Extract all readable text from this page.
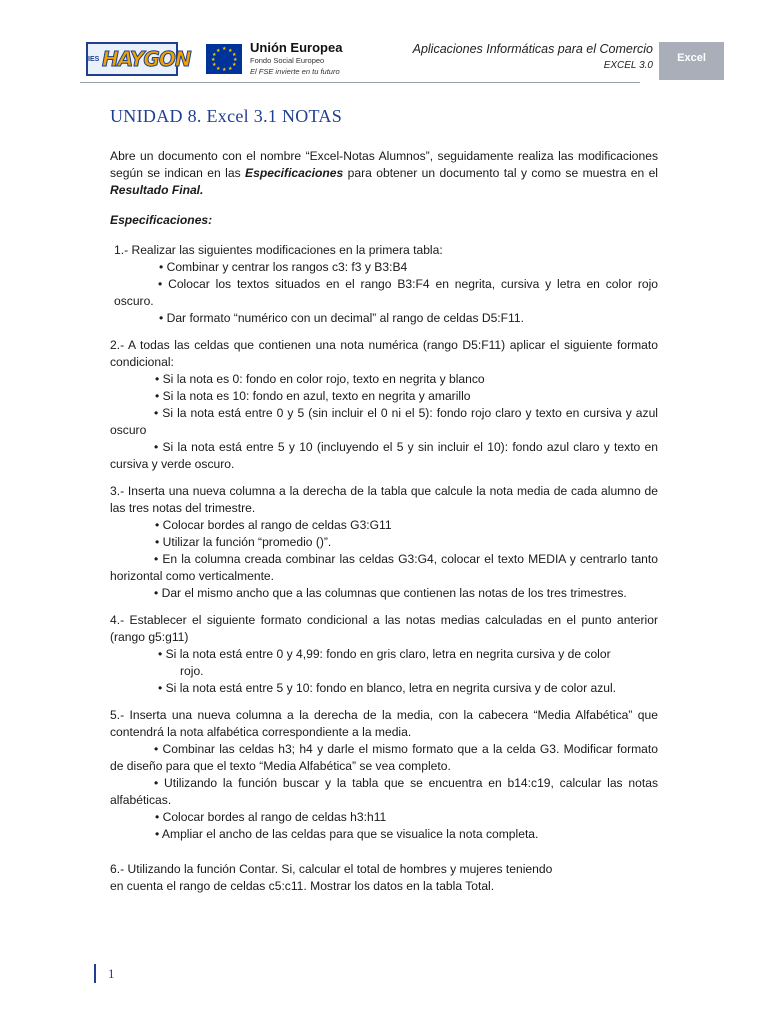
IES HAYGON	★ ★
★
★
★
★
★
★
★
★
★
★ Unión Europea
Fondo Social Europeo
El FSE invierte en tu futuro
Aplicaciones Informáticas para el Comercio
EXCEL 3.0
Excel
UNIDAD 8. Excel 3.1 NOTAS

Abre un documento con el nombre “Excel-Notas Alumnos”, seguidamente realiza las modificaciones según se indican en las Especificaciones para obtener un documento tal y como se muestra en el Resultado Final.

Especificaciones:

1.- Realizar las siguientes modificaciones en la primera tabla:

• Combinar y centrar los rangos c3: f3 y B3:B4

• Colocar los textos situados en el rango B3:F4 en negrita, cursiva y letra en color rojo oscuro.

• Dar formato “numérico con un decimal” al rango de celdas D5:F11.

2.- A todas las celdas que contienen una nota numérica (rango D5:F11) aplicar el siguiente formato condicional:

• Si la nota es 0: fondo en color rojo, texto en negrita y blanco

• Si la nota es 10: fondo en azul, texto en negrita y amarillo

• Si la nota está entre 0 y 5 (sin incluir el 0 ni el 5): fondo rojo claro y texto en cursiva y azul oscuro

• Si la nota está entre 5 y 10 (incluyendo el 5 y sin incluir el 10): fondo azul claro y texto en cursiva y verde oscuro.

3.- Inserta una nueva columna a la derecha de la tabla que calcule la nota media de cada alumno de las tres notas del trimestre.

• Colocar bordes al rango de celdas G3:G11

• Utilizar la función “promedio ()”.

• En la columna creada combinar las celdas G3:G4, colocar el texto MEDIA y centrarlo tanto horizontal como verticalmente.

• Dar el mismo ancho que a las columnas que contienen las notas de los tres trimestres.

4.- Establecer el siguiente formato condicional a las notas medias calculadas en el punto anterior (rango g5:g11)

• Si la nota está entre 0 y 4,99: fondo en gris claro, letra en negrita cursiva y de color

rojo.

• Si la nota está entre 5 y 10: fondo en blanco, letra en negrita cursiva y de color azul.

5.- Inserta una nueva columna a la derecha de la media, con la cabecera “Media Alfabética” que contendrá la nota alfabética correspondiente a la media.

• Combinar las celdas h3; h4 y darle el mismo formato que a la celda G3. Modificar formato de diseño para que el texto “Media Alfabética” se vea completo.

• Utilizando la función buscar y la tabla que se encuentra en b14:c19, calcular las notas alfabéticas.

• Colocar bordes al rango de celdas h3:h11

• Ampliar el ancho de las celdas para que se visualice la nota completa.

6.- Utilizando la función Contar. Si, calcular el total de hombres y mujeres teniendo

en cuenta el rango de celdas c5:c11. Mostrar los datos en la tabla Total.

1
